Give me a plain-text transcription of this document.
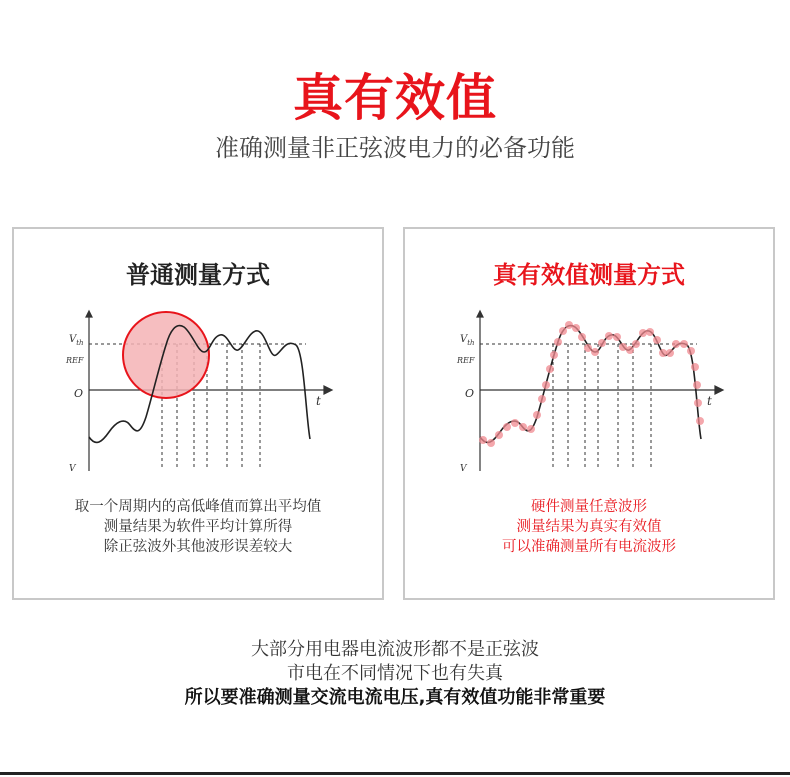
真有效值
准确测量非正弦波电力的必备功能
普通测量方式
$V_{th}$
REF
O
t
V
取一个周期内的高低峰值而算出平均值
测量结果为软件平均计算所得
除正弦波外其他波形误差较大
真有效值测量方式
$V_{th}$
REF
O
t
V
硬件测量任意波形
测量结果为真实有效值
可以准确测量所有电流波形
大部分用电器电流波形都不是正弦波
市电在不同情况下也有失真
所以要准确测量交流电流电压,真有效值功能非常重要
